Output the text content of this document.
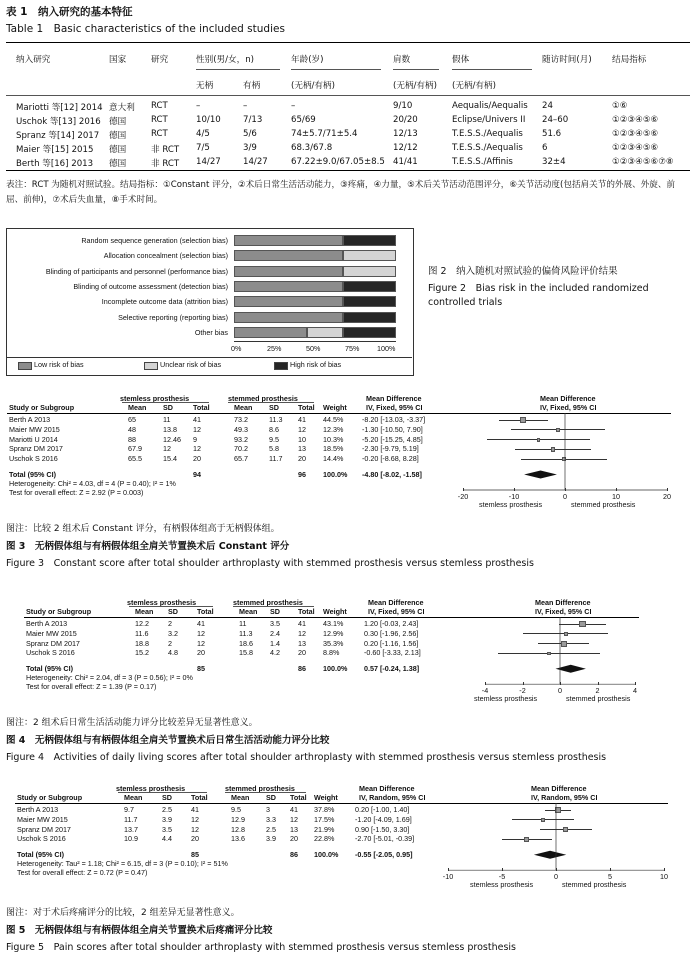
表 1　纳入研究的基本特征
Table 1　Basic characteristics of the included studies
纳入研究	国家	研究	性别(男/女，n)	年龄(岁)	肩数	假体	随访时间(月) 结局指标
无柄	有柄	(无柄/有柄)	(无柄/有柄) (无柄/有柄)
Mariotti 等[12] 2014 意大利 RCT	–	–	–	9/10	Aequalis/Aequalis 24	①⑥
Uschok 等[13] 2016 德国	RCT	10/10	7/13	65/69	20/20	Eclipse/Univers II 24–60	①②③④⑤⑥
Spranz 等[14] 2017 德国	RCT	4/5	5/6	74±5.7/71±5.4	12/13	T.E.S.S./Aequalis 51.6	①②③④⑤⑥
Maier 等[15] 2015 德国	非 RCT 7/5	3/9	68.3/67.8	12/12	T.E.S.S./Aequalis 6	①②③④⑤⑥
Berth 等[16] 2013 德国	非 RCT 14/27	14/27	67.22±9.0/67.05±8.5 41/41	T.E.S.S./Affinis	32±4	①②③④⑤⑥⑦⑧
表注：RCT 为随机对照试验。结局指标：①Constant 评分，②术后日常生活活动能力，③疼痛，④力量，⑤术后关节活动范围评分，⑥关节活动度(包括肩关节的外展、外旋、前屈、前伸)，⑦术后失血量，⑧手术时间。
Random sequence generation (selection bias)
Allocation concealment (selection bias)
Blinding of participants and personnel (performance bias)
Blinding of outcome assessment (detection bias)
Incomplete outcome data (attrition bias)
Selective reporting (reporting bias)
Other bias
0%	25%	50%	75% 100%
Low risk of bias	Unclear risk of bias	High risk of bias
图 2　纳入随机对照试验的偏倚风险评价结果
Figure 2　Bias risk in the included randomized
controlled trials
stemless prosthesis	stemmed prosthesis	Mean Difference	Mean Difference
Study or Subgroup	Mean SD	Total	Mean SD	Total Weight	IV, Fixed, 95% CI	IV, Fixed, 95% CI
Berth A 2013	65	11	41	73.2	11.3 41 44.5%	-8.20 [-13.03, -3.37]
Maier MW 2015	48	13.8 12	49.3	8.6	12 12.3%	-1.30 [-10.50, 7.90]
Mariotti U 2014	88	12.46 9	93.2	9.5	10 10.3%	-5.20 [-15.25, 4.85]
Spranz DM 2017	67.9	12	12	70.2	5.8	13 18.5%	-2.30 [-9.79, 5.19]
Uschok S 2016	65.5	15.4 20	65.7	11.7 20 14.4%	-0.20 [-8.68, 8.28]
Total (95% CI)	94	96 100.0% -4.80 [-8.02, -1.58]
Heterogeneity: Chi² = 4.03, df = 4 (P = 0.40); I² = 1%
Test for overall effect: Z = 2.92 (P = 0.003)	-20	-10	0	10	20
stemless prosthesis	stemmed prosthesis
图注：比较 2 组术后 Constant 评分，有柄假体组高于无柄假体组。
图 3　无柄假体组与有柄假体组全肩关节置换术后 Constant 评分
Figure 3　Constant score after total shoulder arthroplasty with stemmed prosthesis versus stemless prosthesis
stemless prosthesis	stemmed prosthesis	Mean Difference	Mean Difference
Study or Subgroup	Mean SD	Total	Mean SD	Total Weight	IV, Fixed, 95% CI	IV, Fixed, 95% CI
Berth A 2013	12.2	2	41	11	3.5	41 43.1%	1.20 [-0.03, 2.43]
Maier MW 2015	11.6	3.2	12	11.3 2.4	12 12.9%	0.30 [-1.96, 2.56]
Spranz DM 2017	18.8	2	12	18.6 1.4	13 35.3%	0.20 [-1.16, 1.56]
Uschok S 2016	15.2	4.8	20	15.8 4.2	20 8.8%	-0.60 [-3.33, 2.13]
Total (95% CI)	85	86 100.0% 0.57 [-0.24, 1.38]
Heterogeneity: Chi² = 2.04, df = 3 (P = 0.56); I² = 0%
Test for overall effect: Z = 1.39 (P = 0.17)	-4	-2	0	2	4
stemless prosthesis	stemmed prosthesis
图注：2 组术后日常生活活动能力评分比较差异无显著性意义。
图 4　无柄假体组与有柄假体组全肩关节置换术后日常生活活动能力评分比较
Figure 4　Activities of daily living scores after total shoulder arthroplasty with stemmed prosthesis versus stemless prosthesis
stemless prosthesis	stemmed prosthesis	Mean Difference	Mean Difference
Study or Subgroup	Mean	SD	Total	Mean SD Total Weight	IV, Random, 95% CI	IV, Random, 95% CI
Berth A 2013	9.7	2.5	41	9.5	3	41 37.8%	0.20 [-1.00, 1.40]
Maier MW 2015	11.7	3.9	12	12.9	3.3 12 17.5%	-1.20 [-4.09, 1.69]
Spranz DM 2017	13.7	3.5	12	12.8	2.5 13 21.9%	0.90 [-1.50, 3.30]
Uschok S 2016	10.9	4.4	20	13.6	3.9 20 22.8%	-2.70 [-5.01, -0.39]
Total (95% CI)	85	86 100.0% -0.55 [-2.05, 0.95]
Heterogeneity: Tau² = 1.18; Chi² = 6.15, df = 3 (P = 0.10); I² = 51%
Test for overall effect: Z = 0.72 (P = 0.47)	-10	-5	0	5	10
stemless prosthesis	stemmed prosthesis
图注：对于术后疼痛评分的比较，2 组差异无显著性意义。
图 5　无柄假体组与有柄假体组全肩关节置换术后疼痛评分比较
Figure 5　Pain scores after total shoulder arthroplasty with stemmed prosthesis versus stemless prosthesis
